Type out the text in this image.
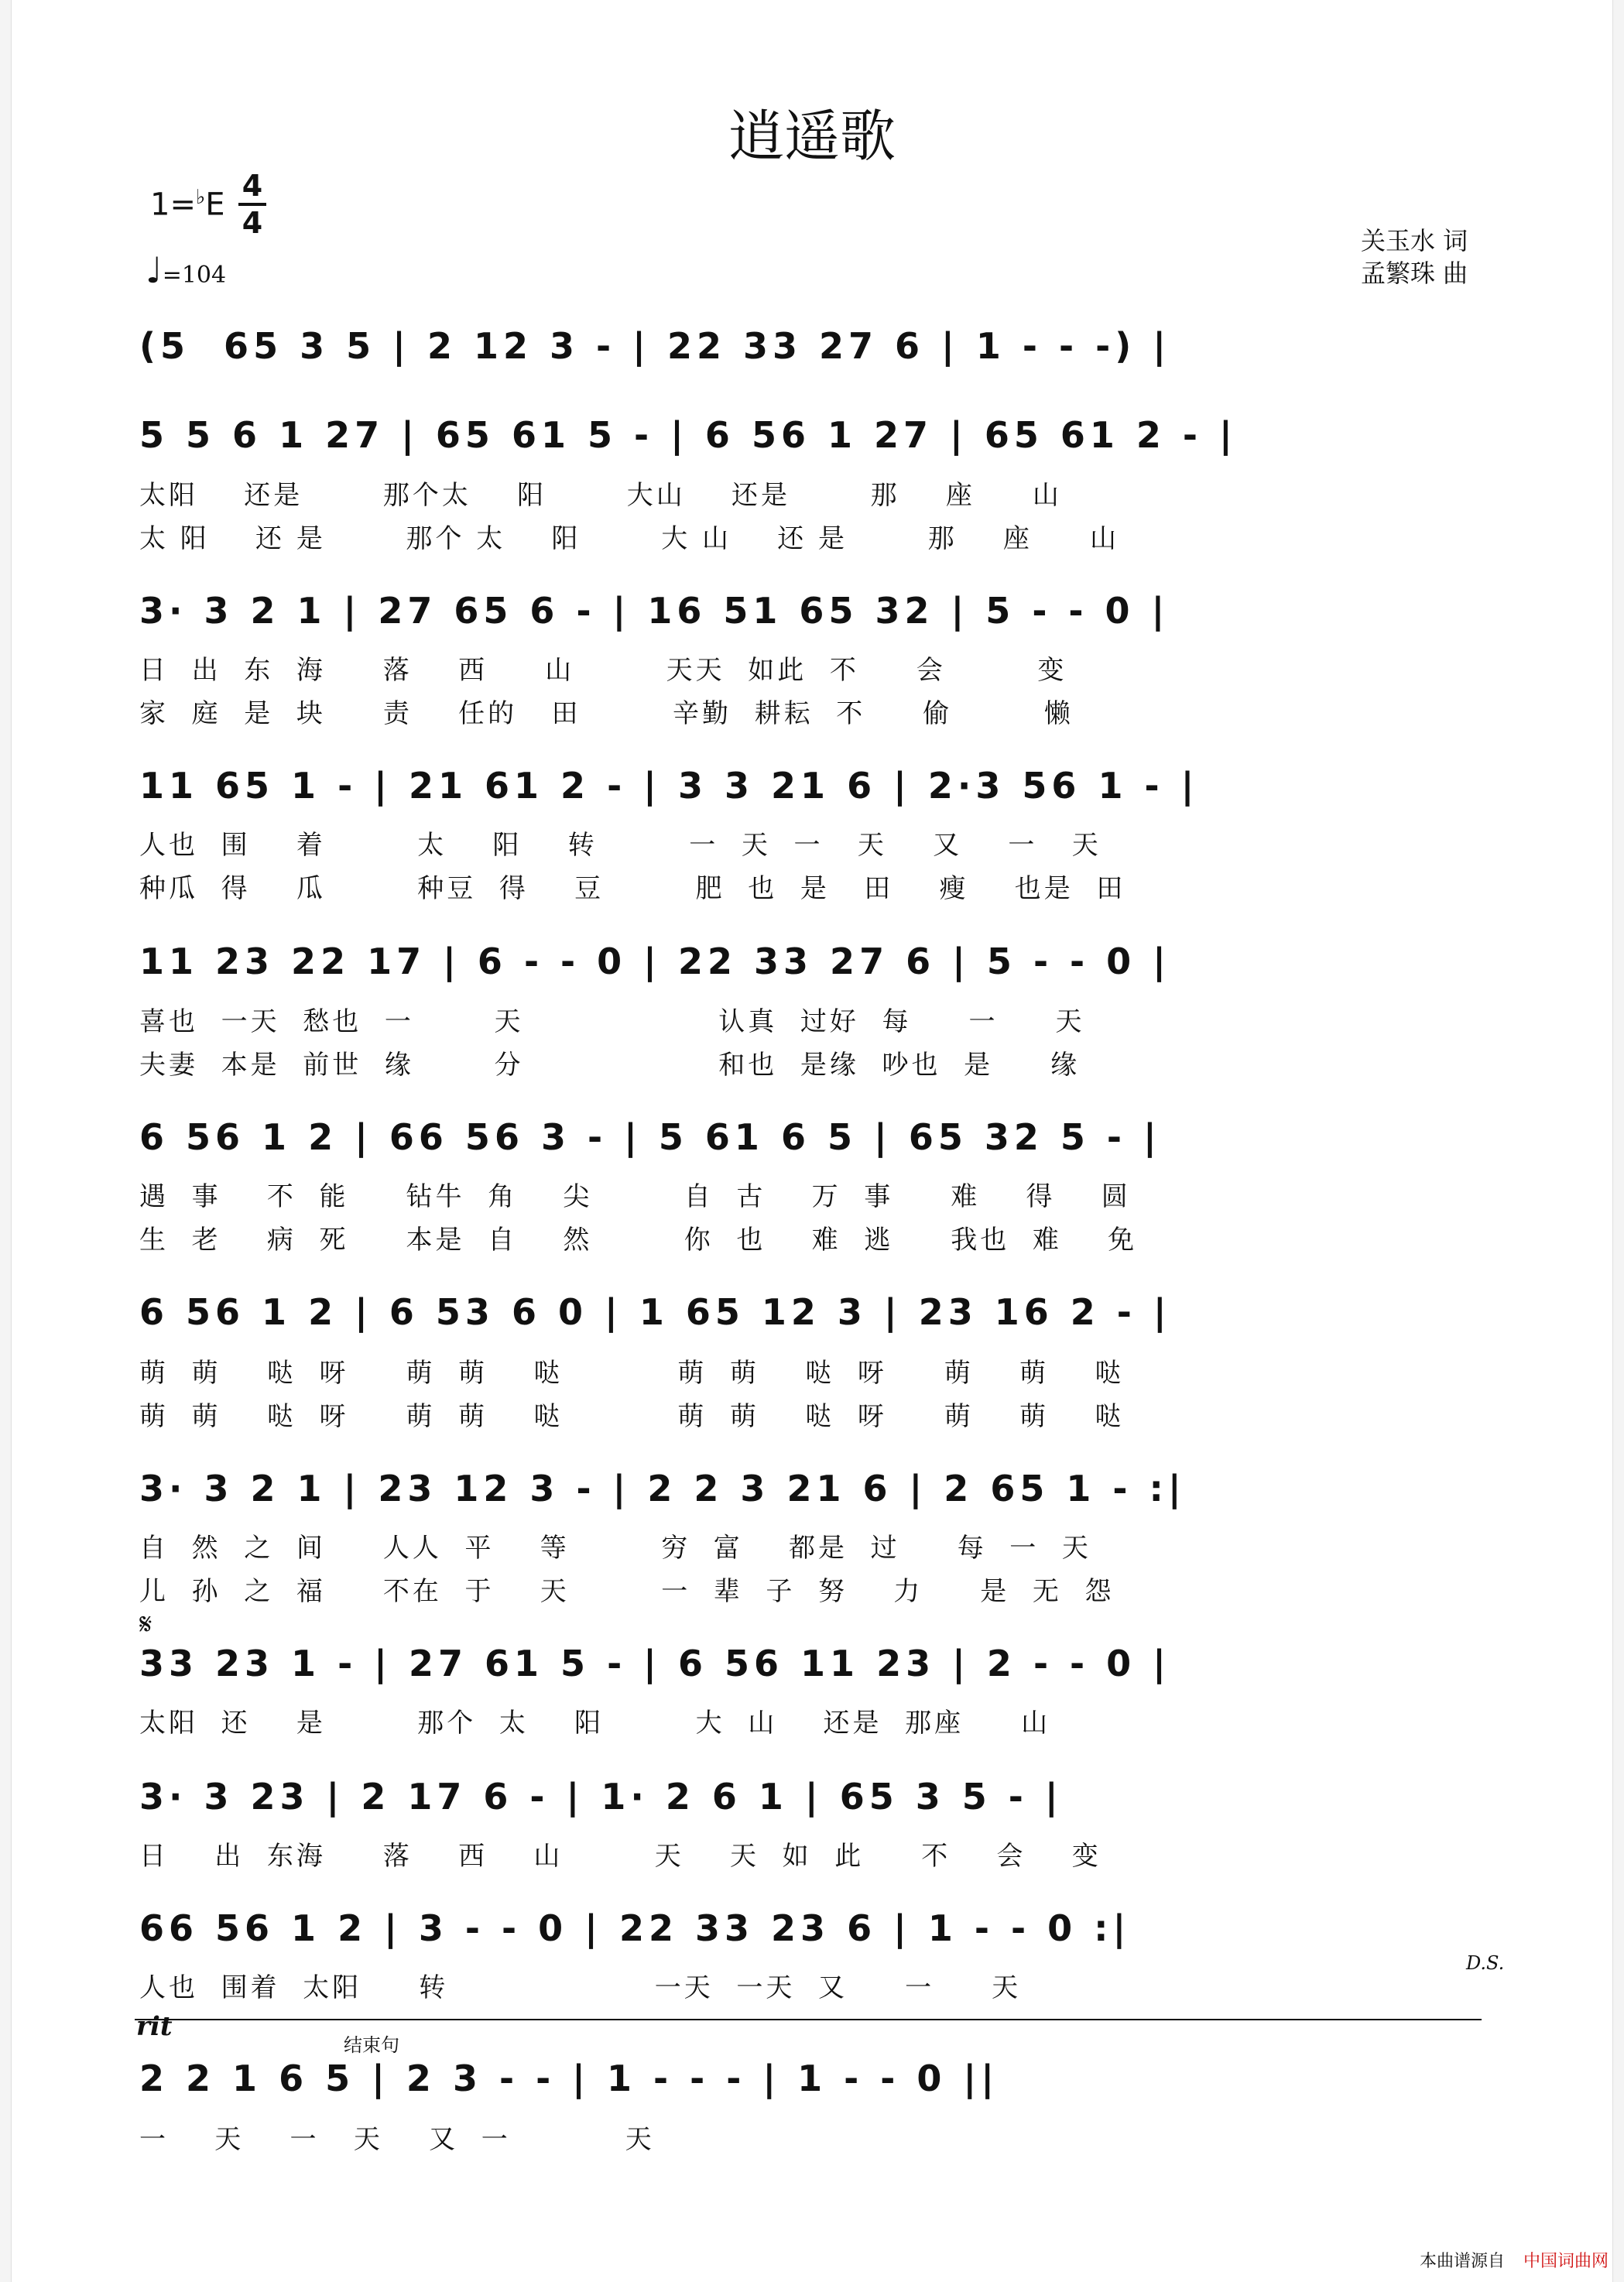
逍遥歌
1=♭E
4
4
♩=104
关玉水 词
孟繁珠 曲
(5  65 3 5 | 2 12 3 - | 22 33 27 6 | 1 - - -) |
5 5 6 1 27 | 65 61 5 - | 6 56 1 27 | 65 61 2 - |
太阳    还是       那个太    阳       大山    还是       那    座     山
太 阳    还 是       那个 太    阳       大 山    还 是       那    座     山
3· 3 2 1 | 27 65 6 - | 16 51 65 32 | 5 - - 0 |
日  出  东  海     落    西     山        天天  如此  不     会        变
家  庭  是  块     责    任的   田        辛勤  耕耘  不     偷        懒
11 65 1 - | 21 61 2 - | 3 3 21 6 | 2·3 56 1 - |
人也  围    着        太    阳    转        一  天  一   天    又    一   天
种瓜  得    瓜        种豆  得    豆        肥  也  是   田    瘦    也是  田
11 23 22 17 | 6 - - 0 | 22 33 27 6 | 5 - - 0 |
喜也  一天  愁也  一       天                 认真  过好  每     一     天
夫妻  本是  前世  缘       分                 和也  是缘  吵也  是     缘
6 56 1 2 | 66 56 3 - | 5 61 6 5 | 65 32 5 - |
遇  事    不  能     钻牛  角    尖        自  古    万  事     难    得    圆
生  老    病  死     本是  自    然        你  也    难  逃     我也  难    免
6 56 1 2 | 6 53 6 0 | 1 65 12 3 | 23 16 2 - |
萌  萌    哒  呀     萌  萌    哒          萌  萌    哒  呀     萌    萌    哒
萌  萌    哒  呀     萌  萌    哒          萌  萌    哒  呀     萌    萌    哒
3· 3 2 1 | 23 12 3 - | 2 2 3 21 6 | 2 65 1 - :|
自  然  之  间     人人  平    等        穷  富    都是  过     每  一  天
儿  孙  之  福     不在  于    天        一  辈  子  努    力     是  无  怨
𝄋
33 23 1 - | 27 61 5 - | 6 56 11 23 | 2 - - 0 |
太阳  还    是        那个  太    阳        大  山    还是  那座     山
3· 3 23 | 2 17 6 - | 1· 2 6 1 | 65 3 5 - |
日    出  东海     落    西    山        天    天  如  此     不    会    变
66 56 1 2 | 3 - - 0 | 22 33 23 6 | 1 - - 0 :|
D.S.
人也  围着  太阳     转                  一天  一天  又     一     天
rit
结束句
2 2 1 6 5 | 2 3 - - | 1 - - - | 1 - - 0 ||
一    天    一   天    又  一          天
本曲谱源自 中国词曲网
